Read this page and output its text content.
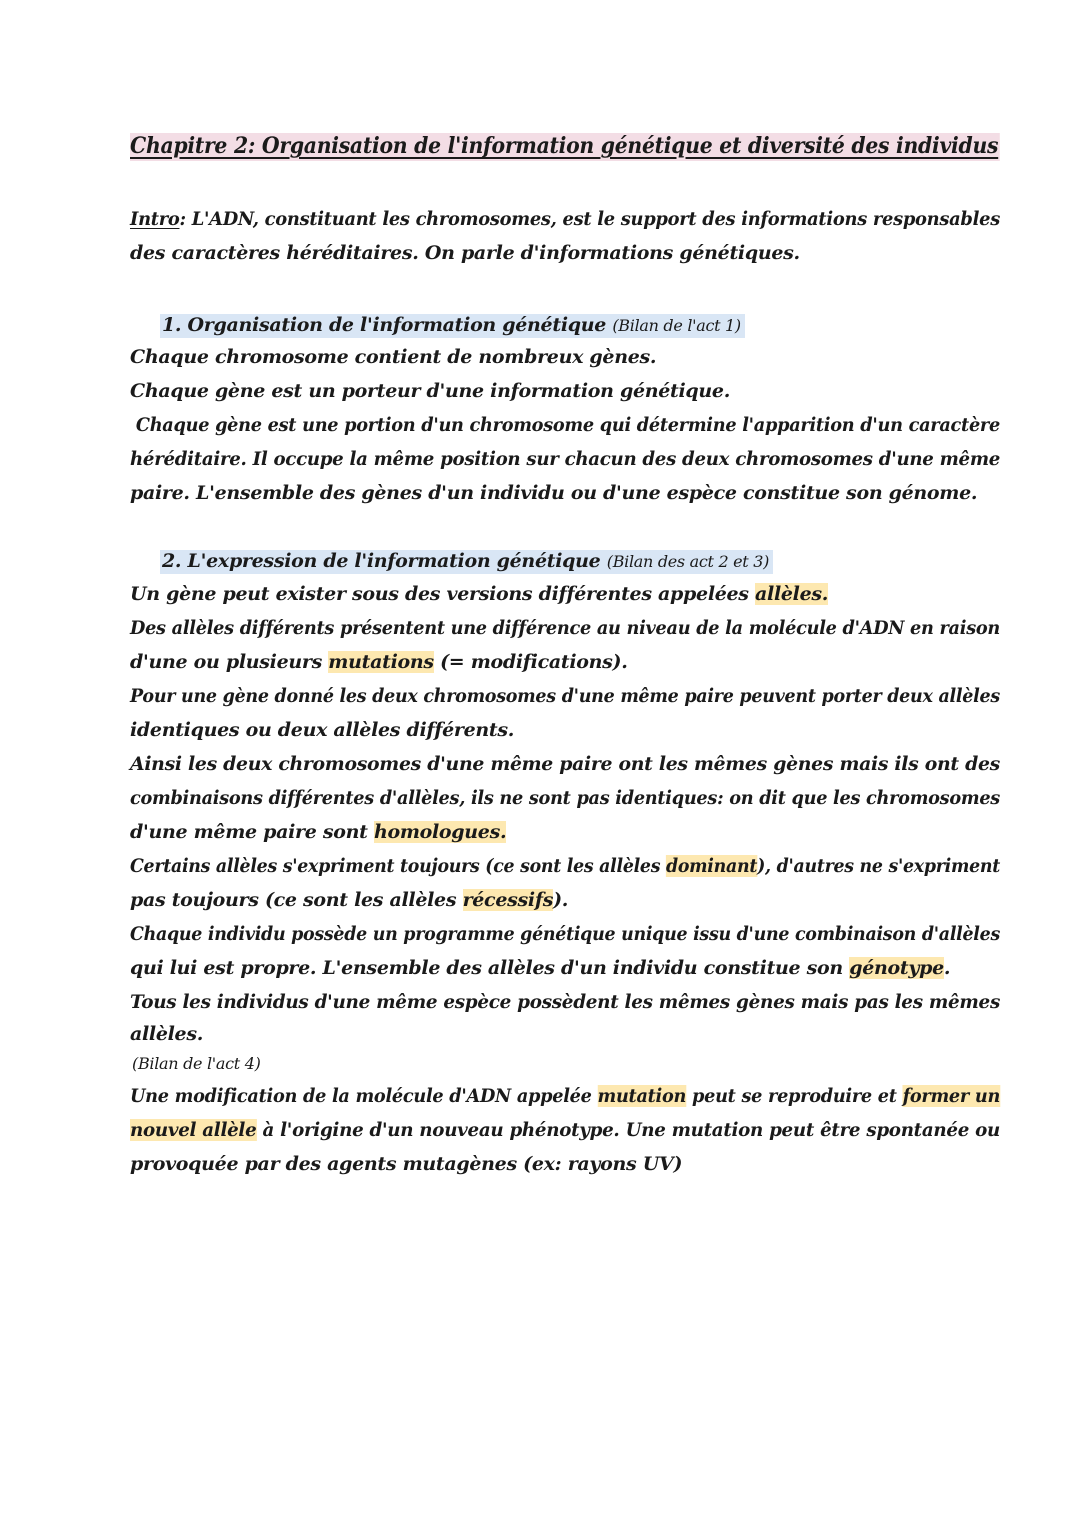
Chapitre 2: Organisation de l'information génétique et diversité des individus
Intro: L'ADN, constituant les chromosomes, est le support des informations responsables
des caractères héréditaires. On parle d'informations génétiques.
1. Organisation de l'information génétique (Bilan de l'act 1)
Chaque chromosome contient de nombreux gènes.
Chaque gène est un porteur d'une information génétique.
Chaque gène est une portion d'un chromosome qui détermine l'apparition d'un caractère
héréditaire. Il occupe la même position sur chacun des deux chromosomes d'une même
paire. L'ensemble des gènes d'un individu ou d'une espèce constitue son génome.
2. L'expression de l'information génétique (Bilan des act 2 et 3)
Un gène peut exister sous des versions différentes appelées allèles.
Des allèles différents présentent une différence au niveau de la molécule d'ADN en raison
d'une ou plusieurs mutations (= modifications).
Pour une gène donné les deux chromosomes d'une même paire peuvent porter deux allèles
identiques ou deux allèles différents.
Ainsi les deux chromosomes d'une même paire ont les mêmes gènes mais ils ont des
combinaisons différentes d'allèles, ils ne sont pas identiques: on dit que les chromosomes
d'une même paire sont homologues.
Certains allèles s'expriment toujours (ce sont les allèles dominant), d'autres ne s'expriment
pas toujours (ce sont les allèles récessifs).
Chaque individu possède un programme génétique unique issu d'une combinaison d'allèles
qui lui est propre. L'ensemble des allèles d'un individu constitue son génotype.
Tous les individus d'une même espèce possèdent les mêmes gènes mais pas les mêmes
allèles.
(Bilan de l'act 4)
Une modification de la molécule d'ADN appelée mutation peut se reproduire et former un
nouvel allèle à l'origine d'un nouveau phénotype. Une mutation peut être spontanée ou
provoquée par des agents mutagènes (ex: rayons UV)
